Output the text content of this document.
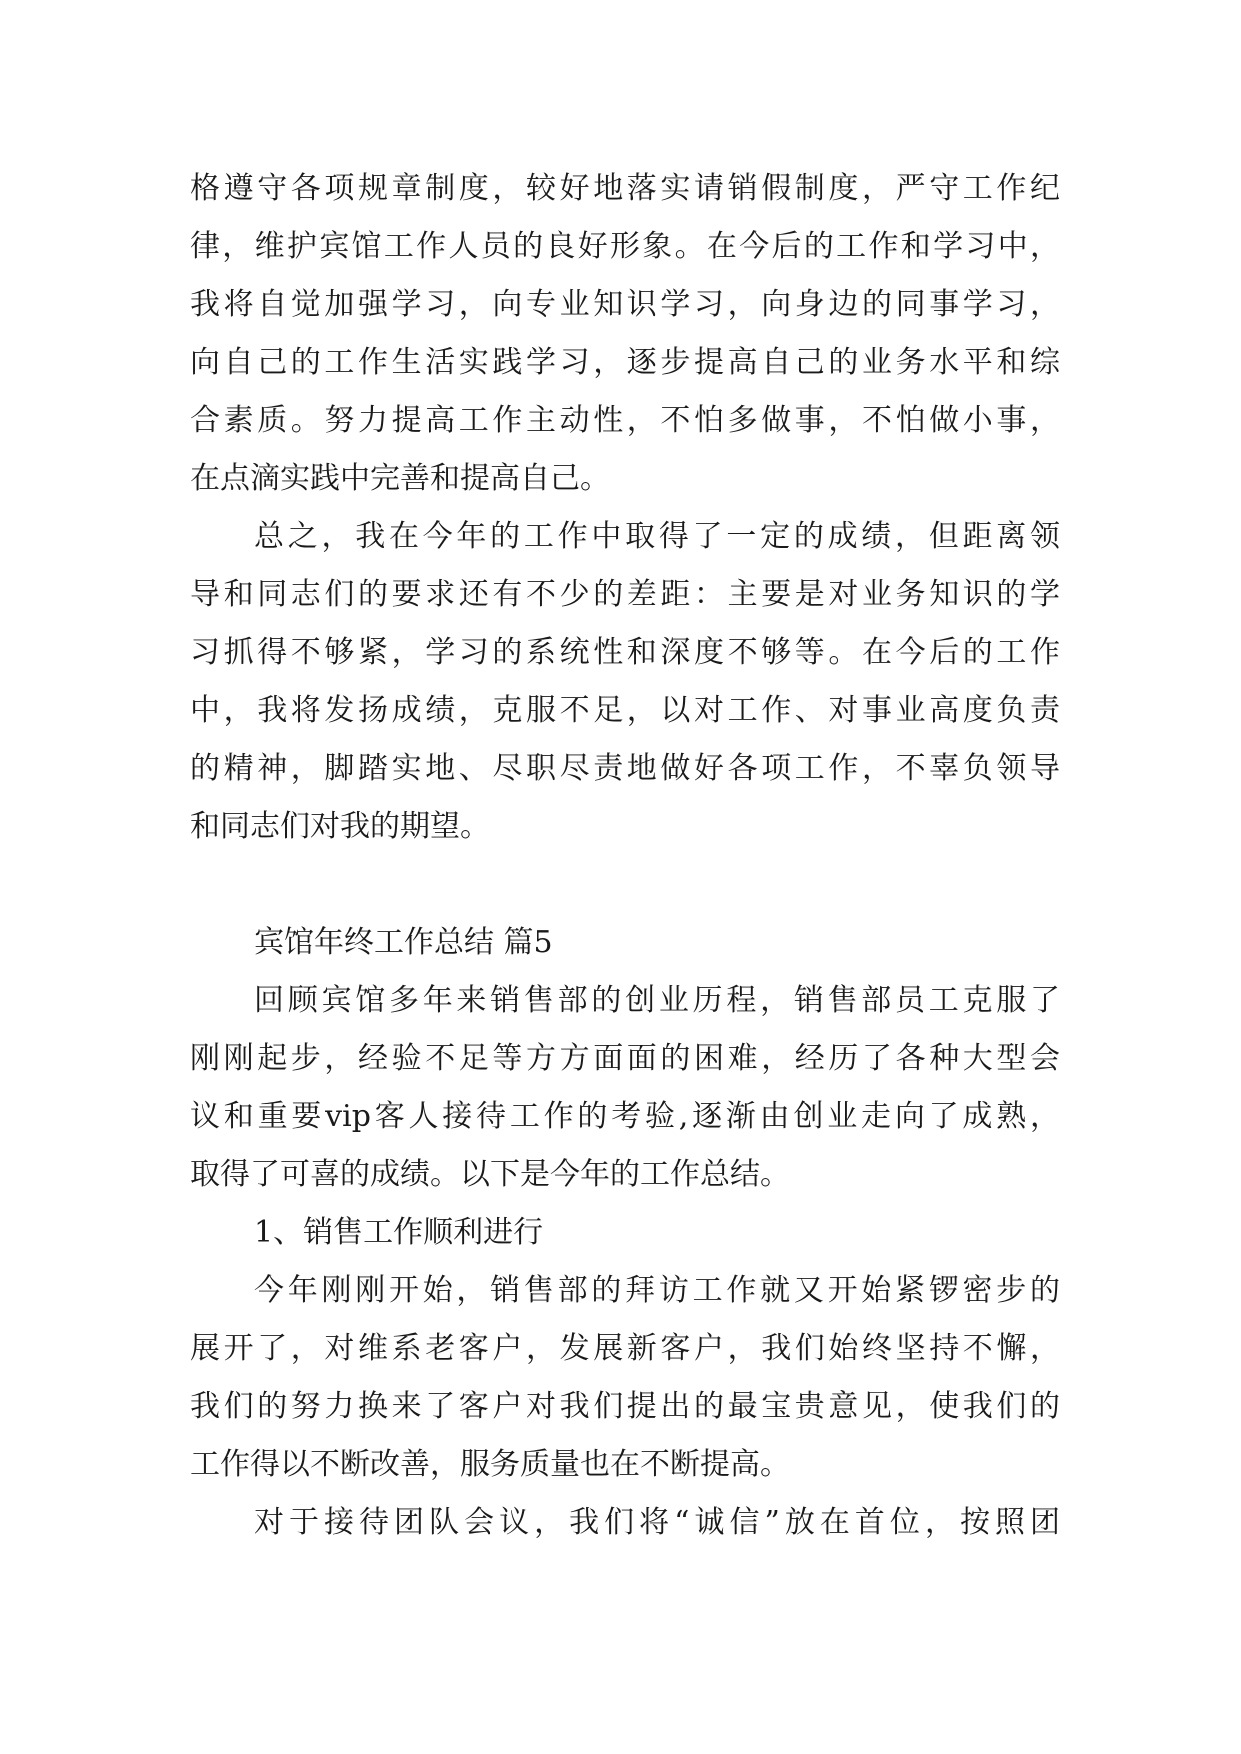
格遵守各项规章制度，较好地落实请销假制度，严守工作纪
律，维护宾馆工作人员的良好形象。在今后的工作和学习中，
我将自觉加强学习，向专业知识学习，向身边的同事学习，
向自己的工作生活实践学习，逐步提高自己的业务水平和综
合素质。努力提高工作主动性，不怕多做事，不怕做小事，
在点滴实践中完善和提高自己。
总之，我在今年的工作中取得了一定的成绩，但距离领
导和同志们的要求还有不少的差距：主要是对业务知识的学
习抓得不够紧，学习的系统性和深度不够等。在今后的工作
中，我将发扬成绩，克服不足，以对工作、对事业高度负责
的精神，脚踏实地、尽职尽责地做好各项工作，不辜负领导
和同志们对我的期望。
宾馆年终工作总结 篇5
回顾宾馆多年来销售部的创业历程，销售部员工克服了
刚刚起步，经验不足等方方面面的困难，经历了各种大型会
议和重要vip客人接待工作的考验,逐渐由创业走向了成熟，
取得了可喜的成绩。以下是今年的工作总结。
1、销售工作顺利进行
今年刚刚开始，销售部的拜访工作就又开始紧锣密步的
展开了，对维系老客户，发展新客户，我们始终坚持不懈，
我们的努力换来了客户对我们提出的最宝贵意见，使我们的
工作得以不断改善，服务质量也在不断提高。
对于接待团队会议，我们将“诚信”放在首位，按照团
